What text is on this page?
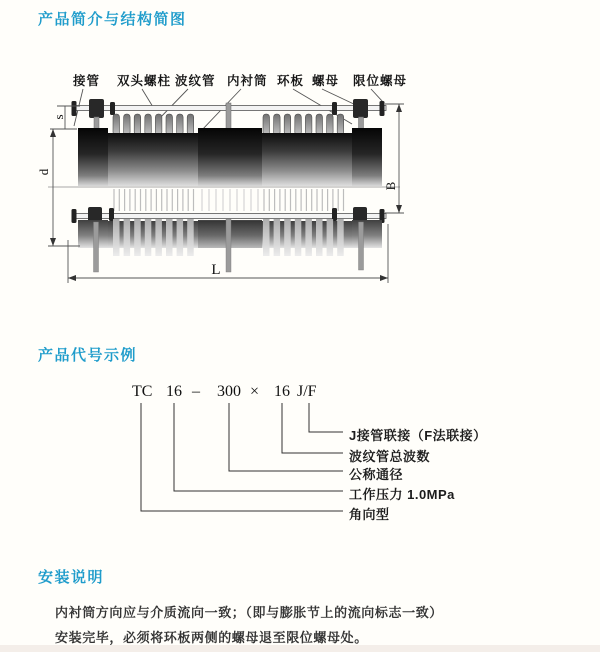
产品简介与结构简图
接管 双头螺柱 波纹管 内衬筒 环板 螺母 限位螺母
s
d
B
L
产品代号示例
TC 16 – 300 × 16 J/F
J接管联接（F法联接）
波纹管总波数
公称通径
工作压力 1.0MPa
角向型
安装说明

内衬筒方向应与介质流向一致；（即与膨胀节上的流向标志一致）

安装完毕，必须将环板两侧的螺母退至限位螺母处。
